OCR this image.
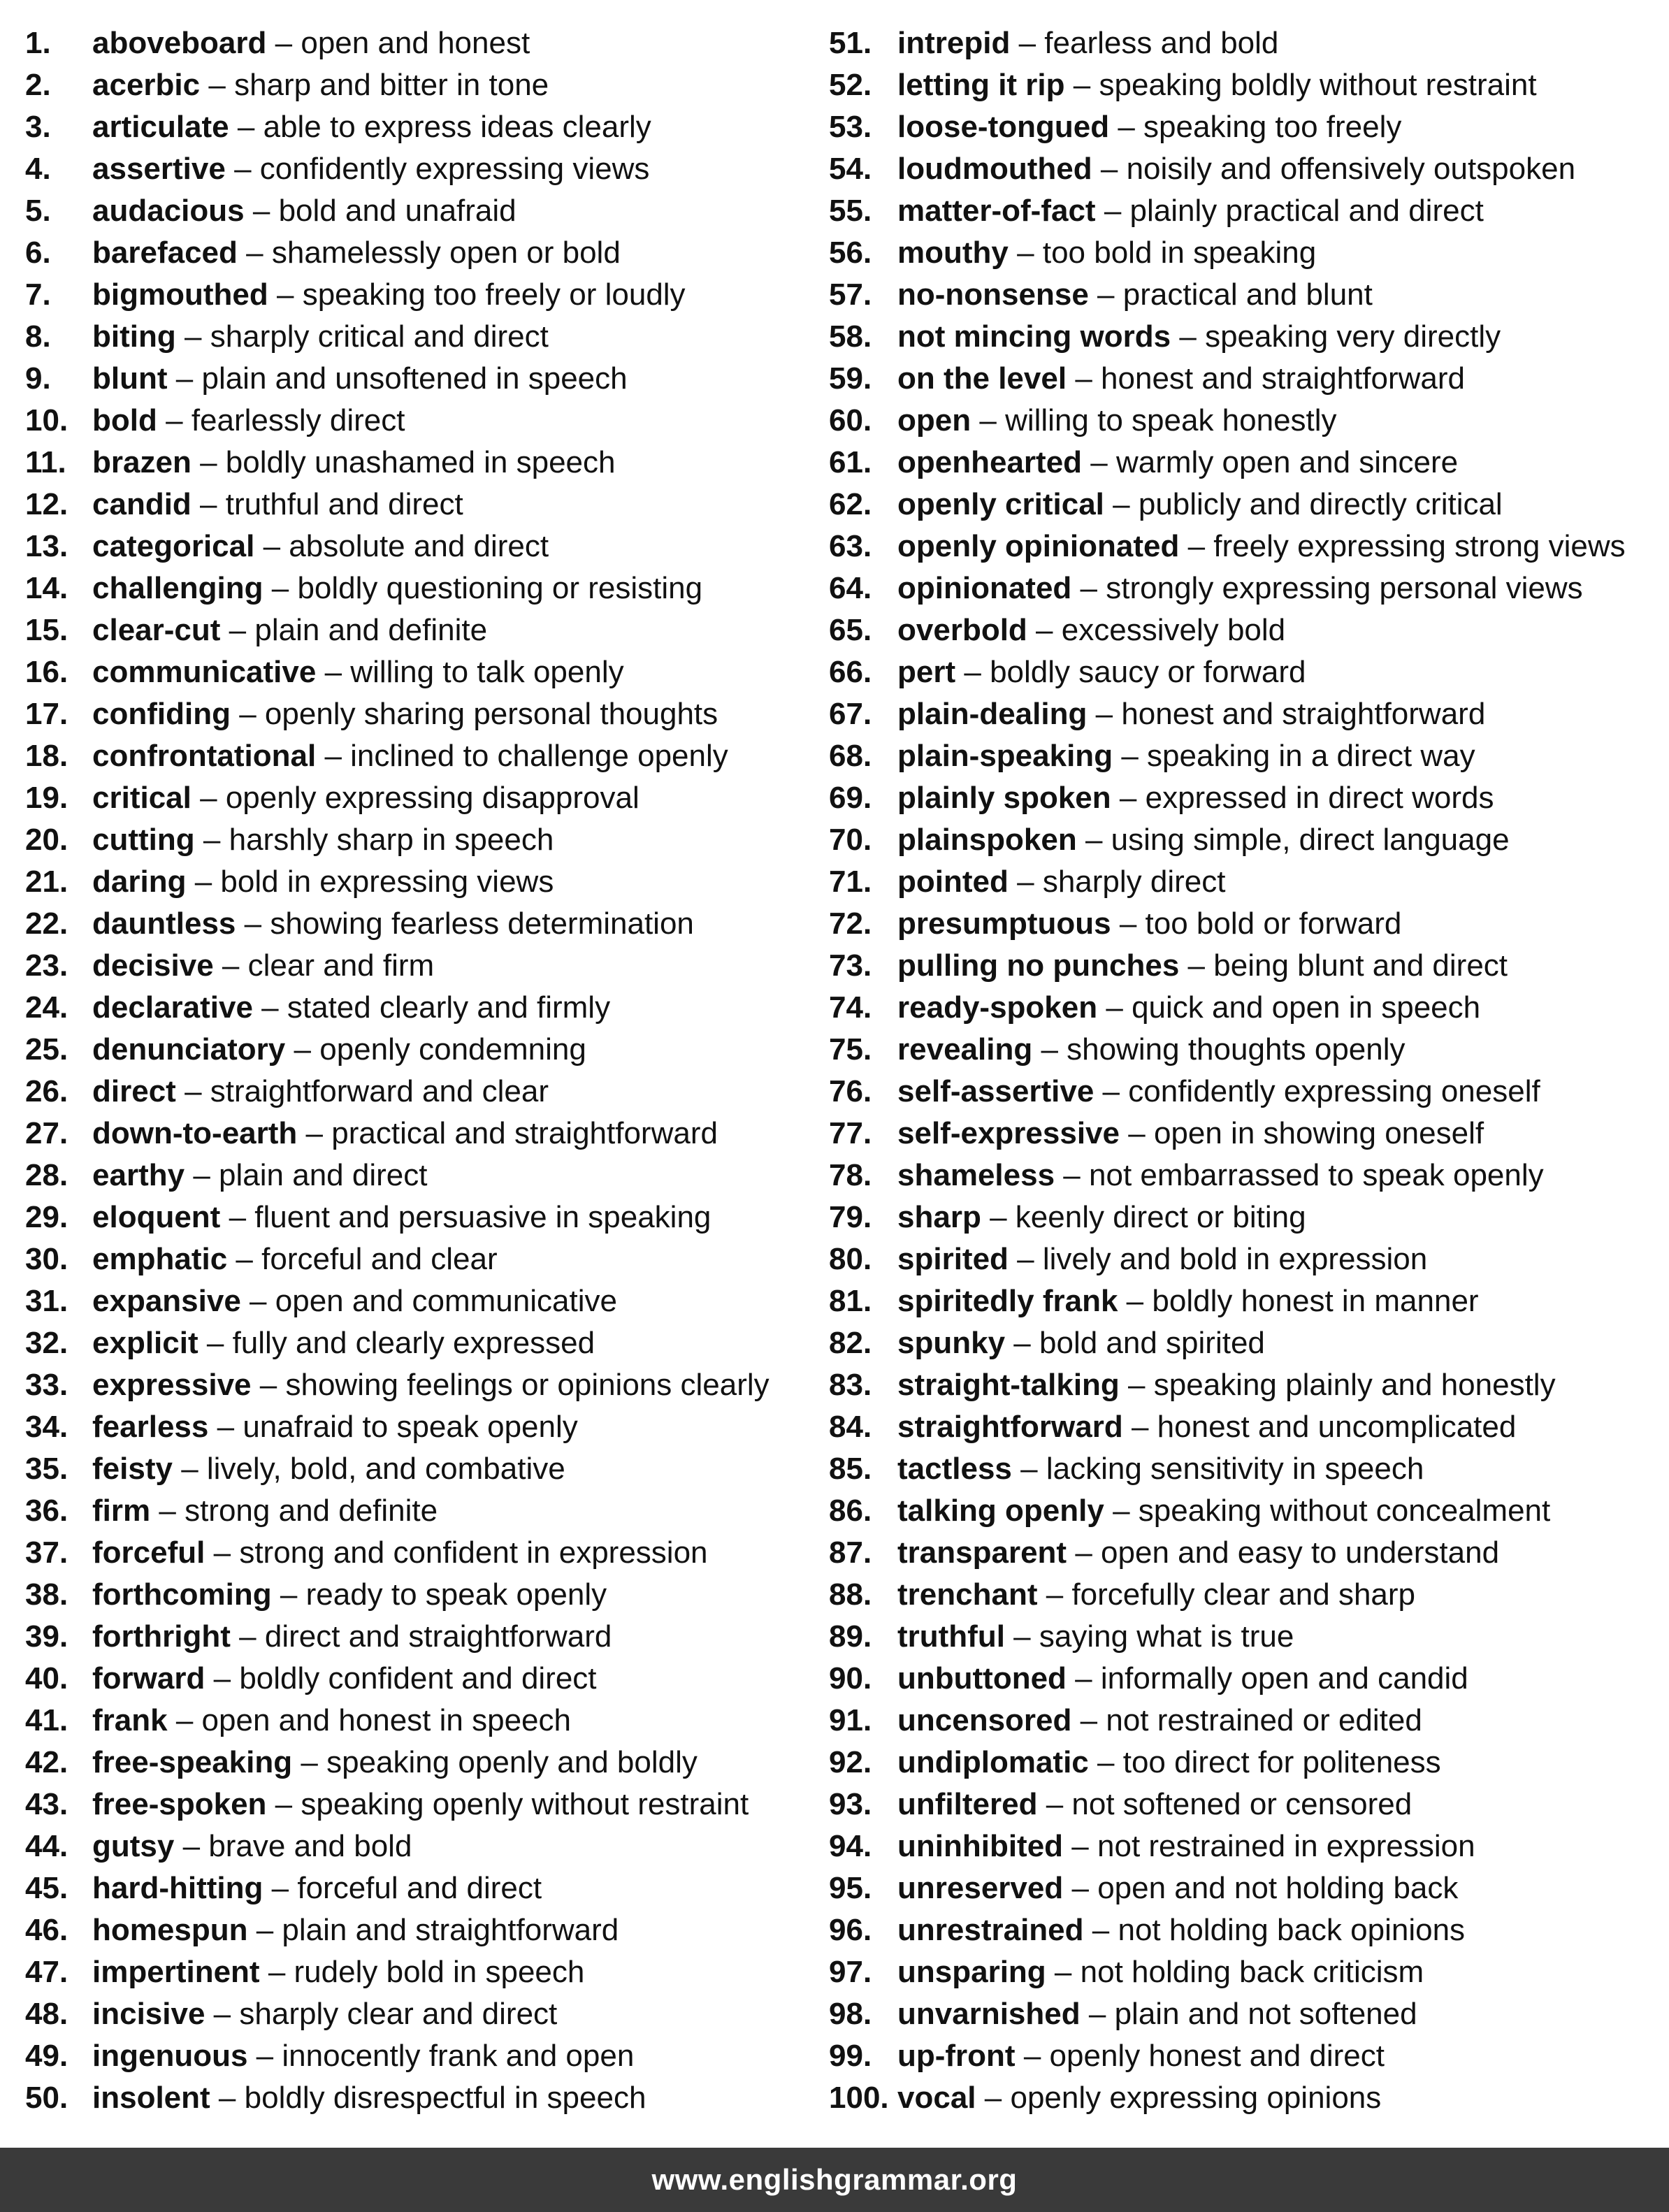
1.	aboveboard – open and honest
2.	acerbic – sharp and bitter in tone
3.	articulate – able to express ideas clearly
4.	assertive – confidently expressing views
5.	audacious – bold and unafraid
6.	barefaced – shamelessly open or bold
7.	bigmouthed – speaking too freely or loudly
8.	biting – sharply critical and direct
9.	blunt – plain and unsoftened in speech
10. bold – fearlessly direct
11. brazen – boldly unashamed in speech
12. candid – truthful and direct
13. categorical – absolute and direct
14. challenging – boldly questioning or resisting
15. clear-cut – plain and definite
16. communicative – willing to talk openly
17. confiding – openly sharing personal thoughts
18. confrontational – inclined to challenge openly
19. critical – openly expressing disapproval
20. cutting – harshly sharp in speech
21. daring – bold in expressing views
22. dauntless – showing fearless determination
23. decisive – clear and firm
24. declarative – stated clearly and firmly
25. denunciatory – openly condemning
26. direct – straightforward and clear
27. down-to-earth – practical and straightforward
28. earthy – plain and direct
29. eloquent – fluent and persuasive in speaking
30. emphatic – forceful and clear
31. expansive – open and communicative
32. explicit – fully and clearly expressed
33. expressive – showing feelings or opinions clearly
34. fearless – unafraid to speak openly
35. feisty – lively, bold, and combative
36. firm – strong and definite
37. forceful – strong and confident in expression
38. forthcoming – ready to speak openly
39. forthright – direct and straightforward
40. forward – boldly confident and direct
41. frank – open and honest in speech
42. free-speaking – speaking openly and boldly
43. free-spoken – speaking openly without restraint
44. gutsy – brave and bold
45. hard-hitting – forceful and direct
46. homespun – plain and straightforward
47. impertinent – rudely bold in speech
48. incisive – sharply clear and direct
49. ingenuous – innocently frank and open
50. insolent – boldly disrespectful in speech
51. intrepid – fearless and bold
52. letting it rip – speaking boldly without restraint
53. loose-tongued – speaking too freely
54. loudmouthed – noisily and offensively outspoken
55. matter-of-fact – plainly practical and direct
56. mouthy – too bold in speaking
57. no-nonsense – practical and blunt
58. not mincing words – speaking very directly
59. on the level – honest and straightforward
60. open – willing to speak honestly
61. openhearted – warmly open and sincere
62. openly critical – publicly and directly critical
63. openly opinionated – freely expressing strong views
64. opinionated – strongly expressing personal views
65. overbold – excessively bold
66. pert – boldly saucy or forward
67. plain-dealing – honest and straightforward
68. plain-speaking – speaking in a direct way
69. plainly spoken – expressed in direct words
70. plainspoken – using simple, direct language
71. pointed – sharply direct
72. presumptuous – too bold or forward
73. pulling no punches – being blunt and direct
74. ready-spoken – quick and open in speech
75. revealing – showing thoughts openly
76. self-assertive – confidently expressing oneself
77. self-expressive – open in showing oneself
78. shameless – not embarrassed to speak openly
79. sharp – keenly direct or biting
80. spirited – lively and bold in expression
81. spiritedly frank – boldly honest in manner
82. spunky – bold and spirited
83. straight-talking – speaking plainly and honestly
84. straightforward – honest and uncomplicated
85. tactless – lacking sensitivity in speech
86. talking openly – speaking without concealment
87. transparent – open and easy to understand
88. trenchant – forcefully clear and sharp
89. truthful – saying what is true
90. unbuttoned – informally open and candid
91. uncensored – not restrained or edited
92. undiplomatic – too direct for politeness
93. unfiltered – not softened or censored
94. uninhibited – not restrained in expression
95. unreserved – open and not holding back
96. unrestrained – not holding back opinions
97. unsparing – not holding back criticism
98. unvarnished – plain and not softened
99. up-front – openly honest and direct
100. vocal – openly expressing opinions
www.englishgrammar.org
